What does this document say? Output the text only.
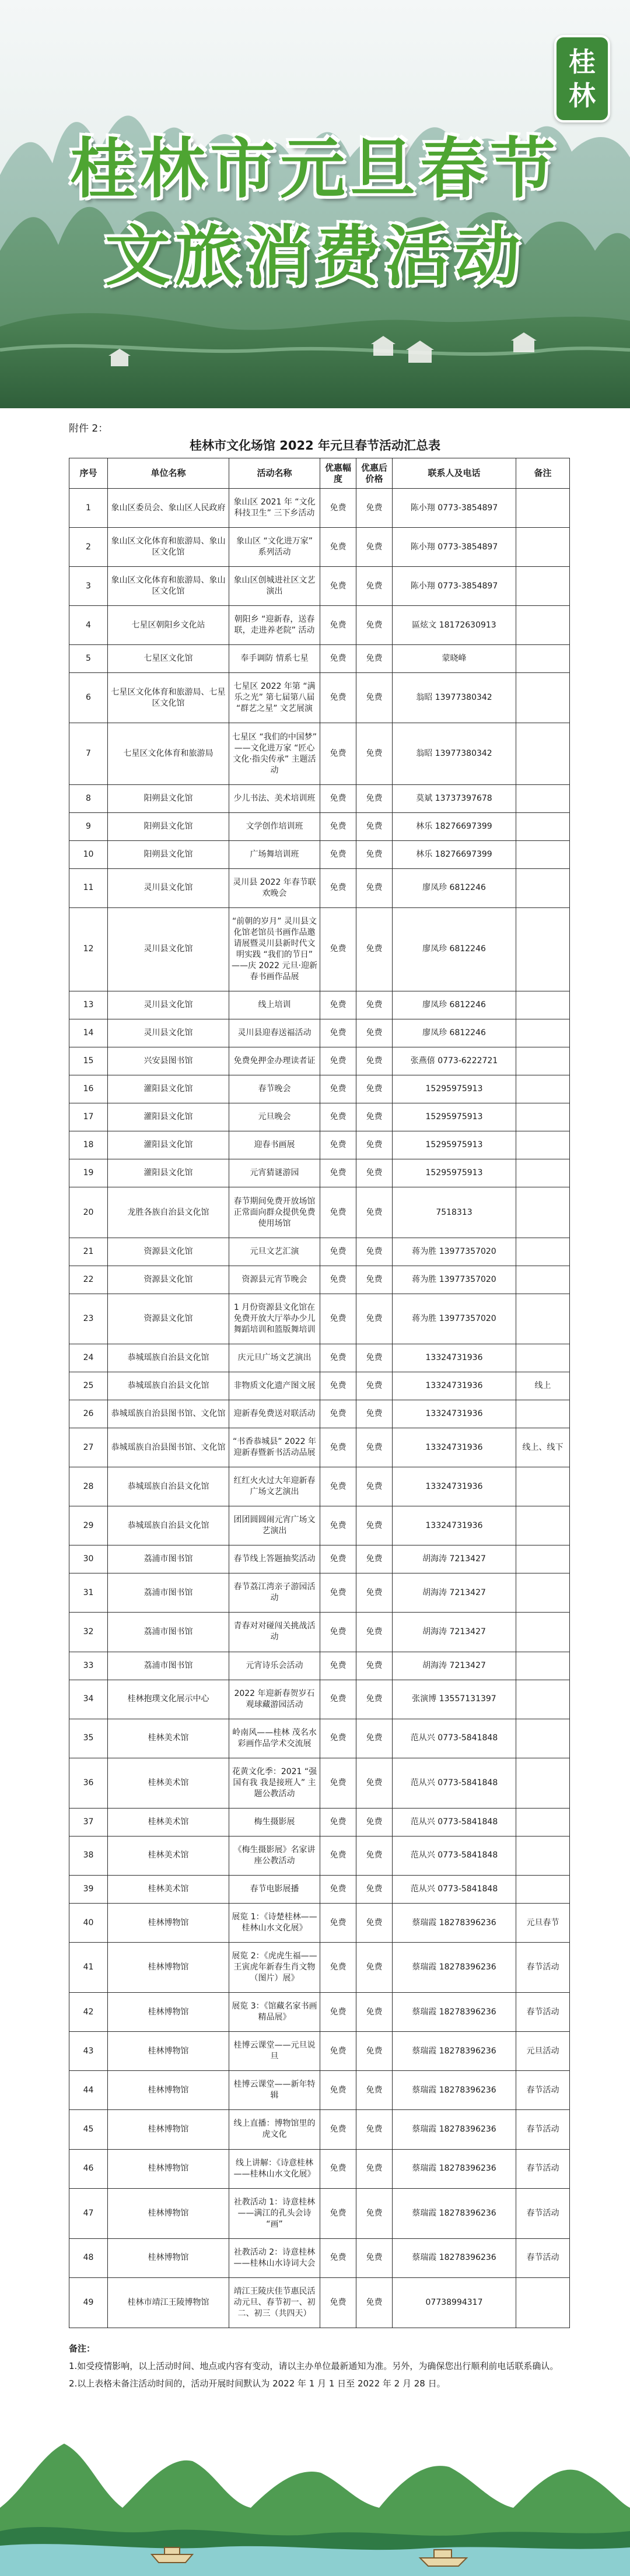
桂
林
桂林市元旦春节
文旅消费活动
附件 2：
桂林市文化场馆 2022 年元旦春节活动汇总表
序号	单位名称	活动名称	优惠幅度	优惠后价格	联系人及电话	备注
1	象山区委员会、象山区人民政府	象山区 2021 年 “文化科技卫生” 三下乡活动	免费	免费	陈小翔 0773-3854897	
2	象山区文化体育和旅游局、象山区文化馆	象山区 “文化进万家” 系列活动	免费	免费	陈小翔 0773-3854897	
3	象山区文化体育和旅游局、象山区文化馆	象山区创城进社区文艺演出	免费	免费	陈小翔 0773-3854897	
4	七星区朝阳乡文化站	朝阳乡 “迎新春，送春联，走进养老院” 活动	免费	免费	區炫文 18172630913	
5	七星区文化馆	奉手调防 情系七星	免费	免费	蒙晓峰	
6	七星区文化体育和旅游局、七星区文化馆	七星区 2022 年第 “满乐之光” 第七届第八届 “群艺之星” 文艺展演	免费	免费	翁昭 13977380342	
7	七星区文化体育和旅游局	七星区 “我们的中国梦” ——文化进万家 “匠心文化·指尖传承” 主题活动	免费	免费	翁昭 13977380342	
8	阳朔县文化馆	少儿书法、美术培训班	免费	免费	莫斌 13737397678	
9	阳朔县文化馆	文学创作培训班	免费	免费	林乐 18276697399	
10	阳朔县文化馆	广场舞培训班	免费	免费	林乐 18276697399	
11	灵川县文化馆	灵川县 2022 年春节联欢晚会	免费	免费	廖凤珍 6812246	
12	灵川县文化馆	“前朝的岁月” 灵川县文化馆老馆员书画作品邀请展暨灵川县新时代文明实践 “我们的节日” ——庆 2022 元旦·迎新春书画作品展	免费	免费	廖凤珍 6812246	
13	灵川县文化馆	线上培训	免费	免费	廖凤珍 6812246	
14	灵川县文化馆	灵川县迎春送福活动	免费	免费	廖凤珍 6812246	
15	兴安县图书馆	免费免押金办理读者证	免费	免费	张燕僖 0773-6222721	
16	灌阳县文化馆	春节晚会	免费	免费	15295975913	
17	灌阳县文化馆	元旦晚会	免费	免费	15295975913	
18	灌阳县文化馆	迎春书画展	免费	免费	15295975913	
19	灌阳县文化馆	元宵猜谜游园	免费	免费	15295975913	
20	龙胜各族自治县文化馆	春节期间免费开放场馆正常面向群众提供免费使用场馆	免费	免费	7518313	
21	资源县文化馆	元旦文艺汇演	免费	免费	蒋为胜 13977357020	
22	资源县文化馆	资源县元宵节晚会	免费	免费	蒋为胜 13977357020	
23	资源县文化馆	1 月份资源县文化馆在免费开放大厅举办少儿舞蹈培训和篮版舞培训	免费	免费	蒋为胜 13977357020	
24	恭城瑶族自治县文化馆	庆元旦广场文艺演出	免费	免费	13324731936	
25	恭城瑶族自治县文化馆	非物质文化遗产图文展	免费	免费	13324731936	线上
26	恭城瑶族自治县图书馆、文化馆	迎新春免费送对联活动	免费	免费	13324731936	
27	恭城瑶族自治县图书馆、文化馆	“书香恭城县” 2022 年迎新春暨新书活动品展	免费	免费	13324731936	线上、线下
28	恭城瑶族自治县文化馆	红红火火过大年迎新春广场文艺演出	免费	免费	13324731936	
29	恭城瑶族自治县文化馆	团团圆圆闹元宵广场文艺演出	免费	免费	13324731936	
30	荔浦市图书馆	春节线上答题抽奖活动	免费	免费	胡海涛 7213427	
31	荔浦市图书馆	春节荔江湾亲子游园活动	免费	免费	胡海涛 7213427	
32	荔浦市图书馆	青春对对碰闯关挑战活动	免费	免费	胡海涛 7213427	
33	荔浦市图书馆	元宵诗乐会活动	免费	免费	胡海涛 7213427	
34	桂林抱璞文化展示中心	2022 年迎新春贺岁石观球藏游园活动	免费	免费	张演博 13557131397	
35	桂林美术馆	岭南风——桂林 茂名水彩画作品学术交流展	免费	免费	范从兴 0773-5841848	
36	桂林美术馆	花黄文化季：2021 “强国有我 我是接班人” 主题公教活动	免费	免费	范从兴 0773-5841848	
37	桂林美术馆	梅生摄影展	免费	免费	范从兴 0773-5841848	
38	桂林美术馆	《梅生摄影展》名家讲座公教活动	免费	免费	范从兴 0773-5841848	
39	桂林美术馆	春节电影展播	免费	免费	范从兴 0773-5841848	
40	桂林博物馆	展览 1：《诗楚桂林——桂林山水文化展》	免费	免费	蔡瑞霞 18278396236	元旦春节
41	桂林博物馆	展览 2：《虎虎生福——王寅虎年新春生肖文物（图片）展》	免费	免费	蔡瑞霞 18278396236	春节活动
42	桂林博物馆	展览 3：《馆藏名家书画精品展》	免费	免费	蔡瑞霞 18278396236	春节活动
43	桂林博物馆	桂博云课堂——元旦说旦	免费	免费	蔡瑞霞 18278396236	元旦活动
44	桂林博物馆	桂博云课堂——新年特辑	免费	免费	蔡瑞霞 18278396236	春节活动
45	桂林博物馆	线上直播：博物馆里的虎文化	免费	免费	蔡瑞霞 18278396236	春节活动
46	桂林博物馆	线上讲解：《诗意桂林——桂林山水文化展》	免费	免费	蔡瑞霞 18278396236	春节活动
47	桂林博物馆	社教活动 1：诗意桂林——满江的孔头会诗 “画”	免费	免费	蔡瑞霞 18278396236	春节活动
48	桂林博物馆	社教活动 2：诗意桂林——桂林山水诗词大会	免费	免费	蔡瑞霞 18278396236	春节活动
49	桂林市靖江王陵博物馆	靖江王陵庆佳节惠民活动元旦、春节初一、初二、初三（共四天）	免费	免费	07738994317	
备注：

1.如受疫情影响，以上活动时间、地点或内容有变动，请以主办单位最新通知为准。另外，为确保您出行顺利前电话联系确认。

2.以上表格未备注活动时间的，活动开展时间默认为 2022 年 1 月 1 日至 2022 年 2 月 28 日。
